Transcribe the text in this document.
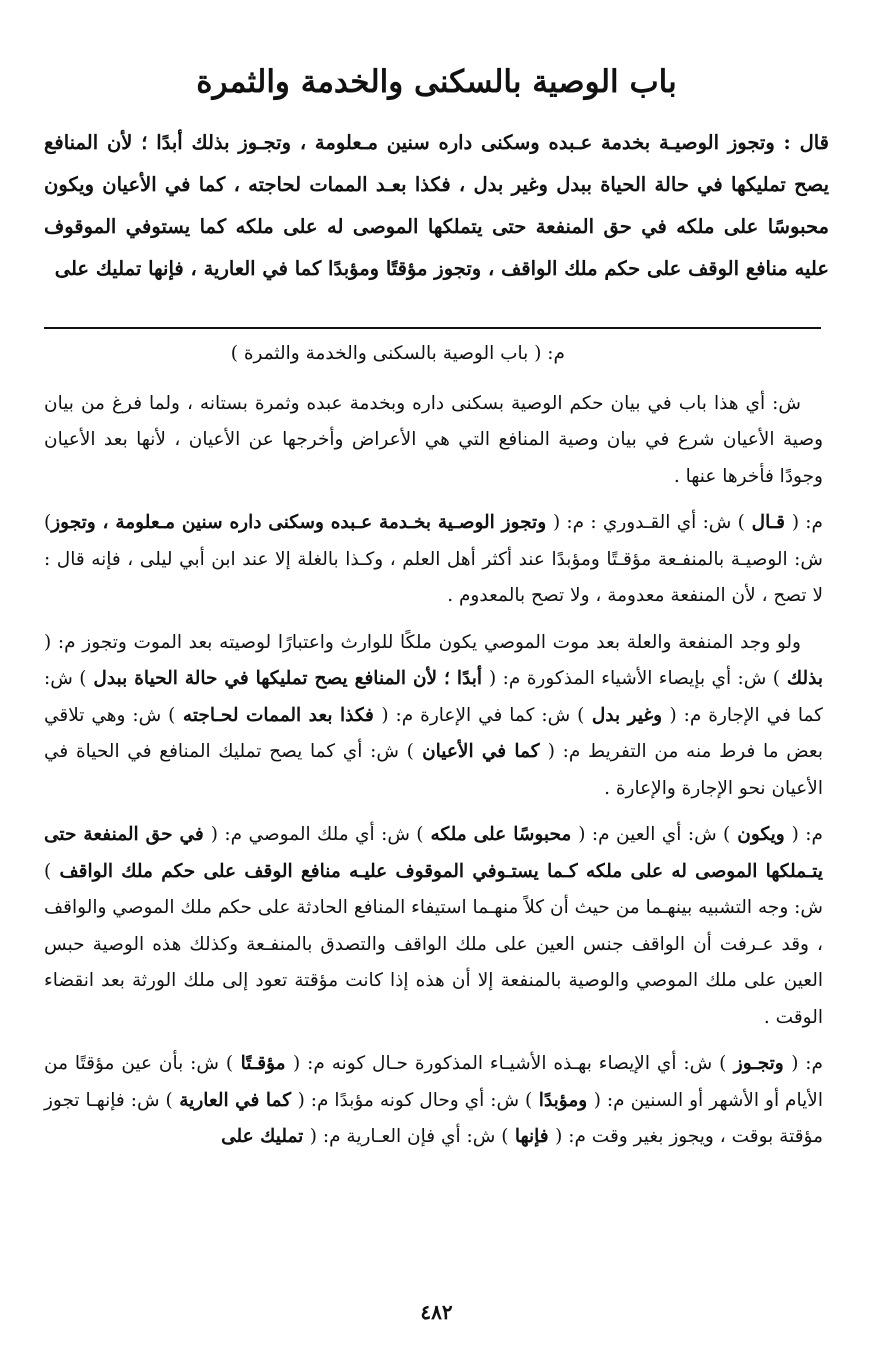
باب الوصية بالسكنى والخدمة والثمرة

قال : وتجوز الوصيـة بخدمة عـبده وسكنى داره سنين مـعلومة ، وتجـوز بذلك أبدًا ؛ لأن المنافع يصح تمليكها في حالة الحياة ببدل وغير بدل ، فكذا بعـد الممات لحاجته ، كما في الأعيان ويكون محبوسًا على ملكه في حق المنفعة حتى يتملكها الموصى له على ملكه كما يستوفي الموقوف عليه منافع الوقف على حكم ملك الواقف ، وتجوز مؤقتًا ومؤبدًا كما في العارية ، فإنها تمليك على

م: ( باب الوصية بالسكنى والخدمة والثمرة )

ش: أي هذا باب في بيان حكم الوصية بسكنى داره وبخدمة عبده وثمرة بستانه ، ولما فرغ من بيان وصية الأعيان شرع في بيان وصية المنافع التي هي الأعراض وأخرجها عن الأعيان ، لأنها بعد الأعيان وجودًا فأخرها عنها .

م: ( قـال ) ش: أي القـدوري : م: ( وتجوز الوصـية بخـدمة عـبده وسكنى داره سنين مـعلومة ، وتجوز) ش: الوصيـة بالمنفـعة مؤقـتًا ومؤبدًا عند أكثر أهل العلم ، وكـذا بالغلة إلا عند ابن أبي ليلى ، فإنه قال : لا تصح ، لأن المنفعة معدومة ، ولا تصح بالمعدوم .

ولو وجد المنفعة والعلة بعد موت الموصي يكون ملكًا للوارث واعتبارًا لوصيته بعد الموت وتجوز م: ( بذلك ) ش: أي بإيصاء الأشياء المذكورة م: ( أبدًا ؛ لأن المنافع يصح تمليكها في حالة الحياة ببدل ) ش: كما في الإجارة م: ( وغير بدل ) ش: كما في الإعارة م: ( فكذا بعد الممات لحـاجته ) ش: وهي تلاقي بعض ما فرط منه من التفريط م: ( كما في الأعيان ) ش: أي كما يصح تمليك المنافع في الحياة في الأعيان نحو الإجارة والإعارة .

م: ( ويكون ) ش: أي العين م: ( محبوسًا على ملكه ) ش: أي ملك الموصي م: ( في حق المنفعة حتى يتـملكها الموصى له على ملكه كـما يستـوفي الموقوف عليـه منافع الوقف على حكم ملك الواقف ) ش: وجه التشبيه بينهـما من حيث أن كلاً منهـما استيفاء المنافع الحادثة على حكم ملك الموصي والواقف ، وقد عـرفت أن الواقف جنس العين على ملك الواقف والتصدق بالمنفـعة وكذلك هذه الوصية حبس العين على ملك الموصي والوصية بالمنفعة إلا أن هذه إذا كانت مؤقتة تعود إلى ملك الورثة بعد انقضاء الوقت .

م: ( وتجـوز ) ش: أي الإيصاء بهـذه الأشيـاء المذكورة حـال كونه م: ( مؤقـتًا ) ش: بأن عين مؤقتًا من الأيام أو الأشهر أو السنين م: ( ومؤبدًا ) ش: أي وحال كونه مؤبدًا م: ( كما في العارية ) ش: فإنهـا تجوز مؤقتة بوقت ، ويجوز بغير وقت م: ( فإنها ) ش: أي فإن العـارية م: ( تمليك على

٤٨٢
